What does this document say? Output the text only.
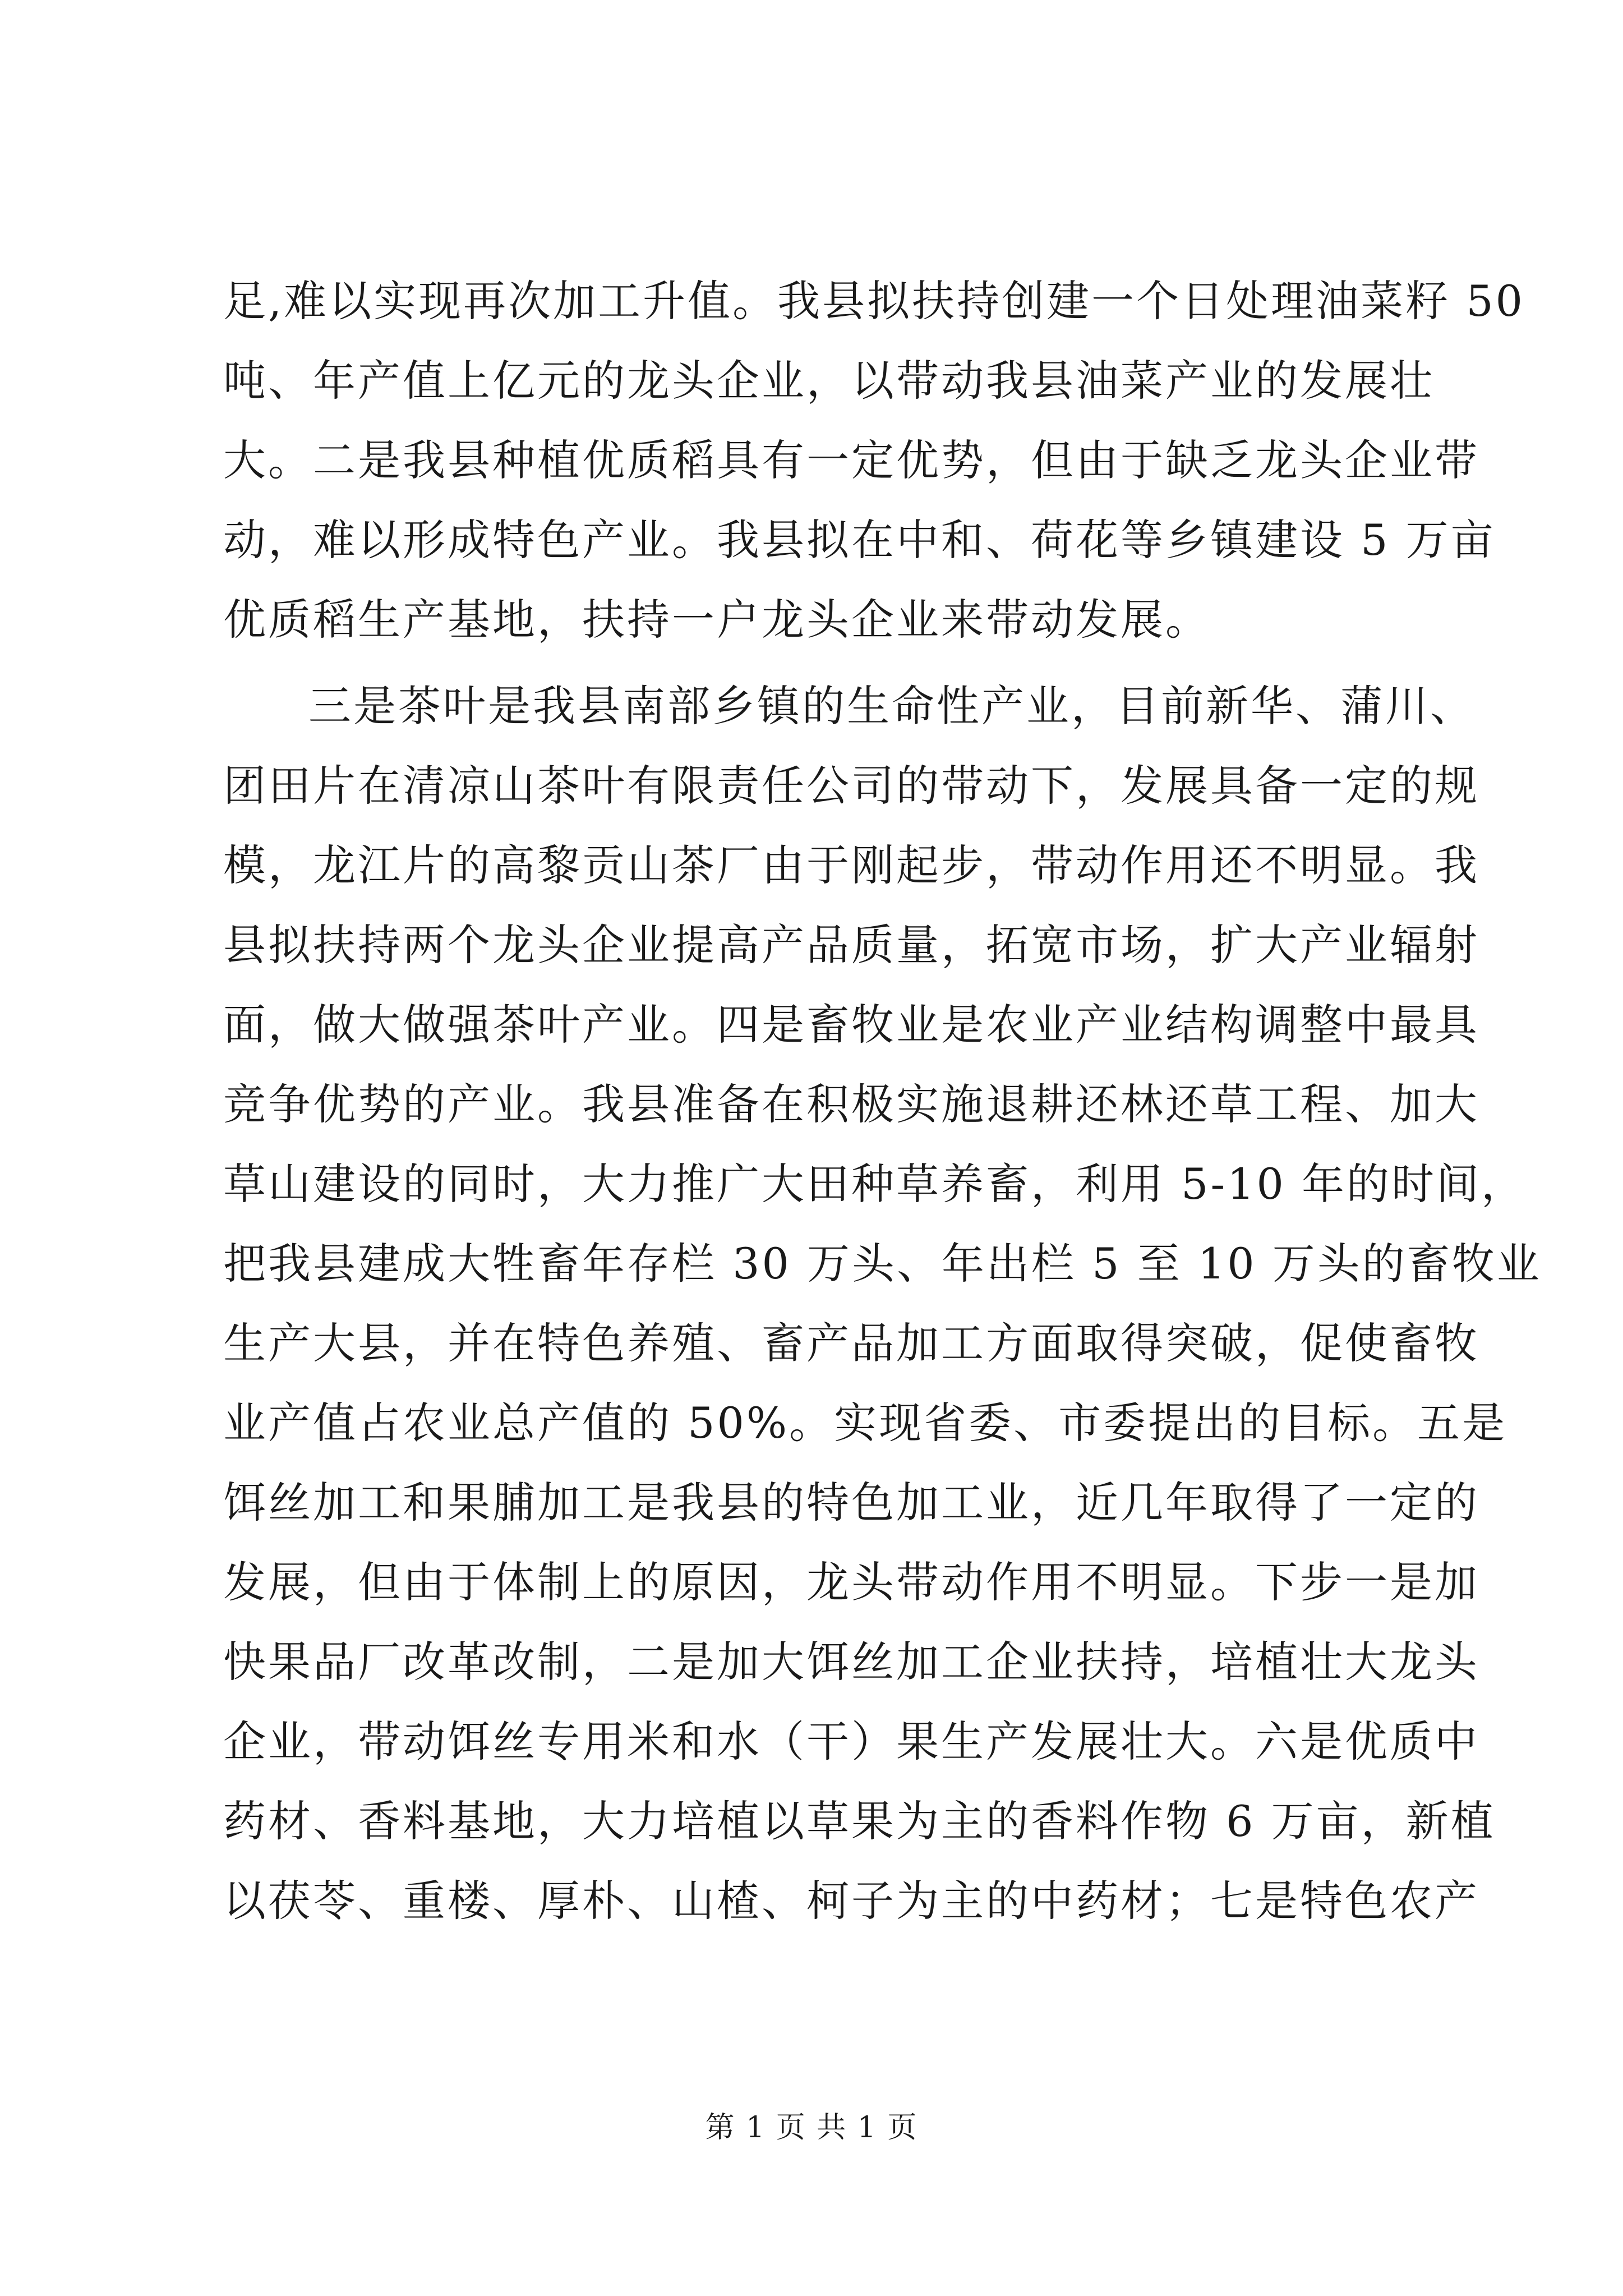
足,难以实现再次加工升值。我县拟扶持创建一个日处理油菜籽 50
吨、年产值上亿元的龙头企业，以带动我县油菜产业的发展壮
大。二是我县种植优质稻具有一定优势，但由于缺乏龙头企业带
动，难以形成特色产业。我县拟在中和、荷花等乡镇建设 5 万亩
优质稻生产基地，扶持一户龙头企业来带动发展。
三是茶叶是我县南部乡镇的生命性产业，目前新华、蒲川、
团田片在清凉山茶叶有限责任公司的带动下，发展具备一定的规
模，龙江片的高黎贡山茶厂由于刚起步，带动作用还不明显。我
县拟扶持两个龙头企业提高产品质量，拓宽市场，扩大产业辐射
面，做大做强茶叶产业。四是畜牧业是农业产业结构调整中最具
竞争优势的产业。我县准备在积极实施退耕还林还草工程、加大
草山建设的同时，大力推广大田种草养畜，利用 5-10 年的时间，
把我县建成大牲畜年存栏 30 万头、年出栏 5 至 10 万头的畜牧业
生产大县，并在特色养殖、畜产品加工方面取得突破，促使畜牧
业产值占农业总产值的 50%。实现省委、市委提出的目标。五是
饵丝加工和果脯加工是我县的特色加工业，近几年取得了一定的
发展，但由于体制上的原因，龙头带动作用不明显。下步一是加
快果品厂改革改制，二是加大饵丝加工企业扶持，培植壮大龙头
企业，带动饵丝专用米和水（干）果生产发展壮大。六是优质中
药材、香料基地，大力培植以草果为主的香料作物 6 万亩，新植
以茯苓、重楼、厚朴、山楂、柯子为主的中药材；七是特色农产
第 1 页 共 1 页
